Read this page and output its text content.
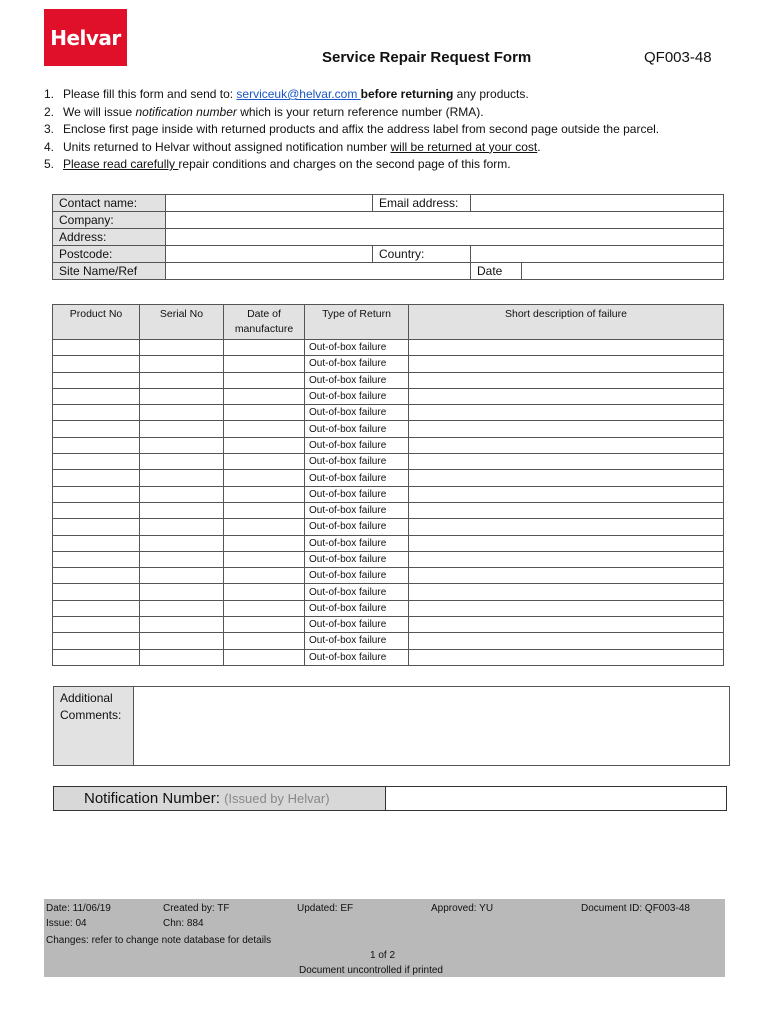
Helvar
Service Repair Request Form	QF003-48
1. Please fill this form and send to: serviceuk@helvar.com before returning any products.
2. We will issue notification number which is your return reference number (RMA).
3. Enclose first page inside with returned products and affix the address label from second page outside the parcel.
4. Units returned to Helvar without assigned notification number will be returned at your cost.
5. Please read carefully repair conditions and charges on the second page of this form.
Contact name:		Email address:	
Company:			
Address:			
Postcode:		Country:	
Site Name/Ref			Date
Product No	Serial No	Date of manufacture	Type of Return	Short description of failure
			Out-of-box failure	
			Out-of-box failure	
			Out-of-box failure	
			Out-of-box failure	
			Out-of-box failure	
			Out-of-box failure	
			Out-of-box failure	
			Out-of-box failure	
			Out-of-box failure	
			Out-of-box failure	
			Out-of-box failure	
			Out-of-box failure	
			Out-of-box failure	
			Out-of-box failure	
			Out-of-box failure	
			Out-of-box failure	
			Out-of-box failure	
			Out-of-box failure	
			Out-of-box failure	
			Out-of-box failure	
Additional
Comments:
Notification Number: (Issued by Helvar)
Date: 11/06/19
Issue: 04
Created by: TF
Chn: 884
Updated: EF	Approved: YU	Document ID: QF003-48
Changes: refer to change note database for details
1 of 2
Document uncontrolled if printed
